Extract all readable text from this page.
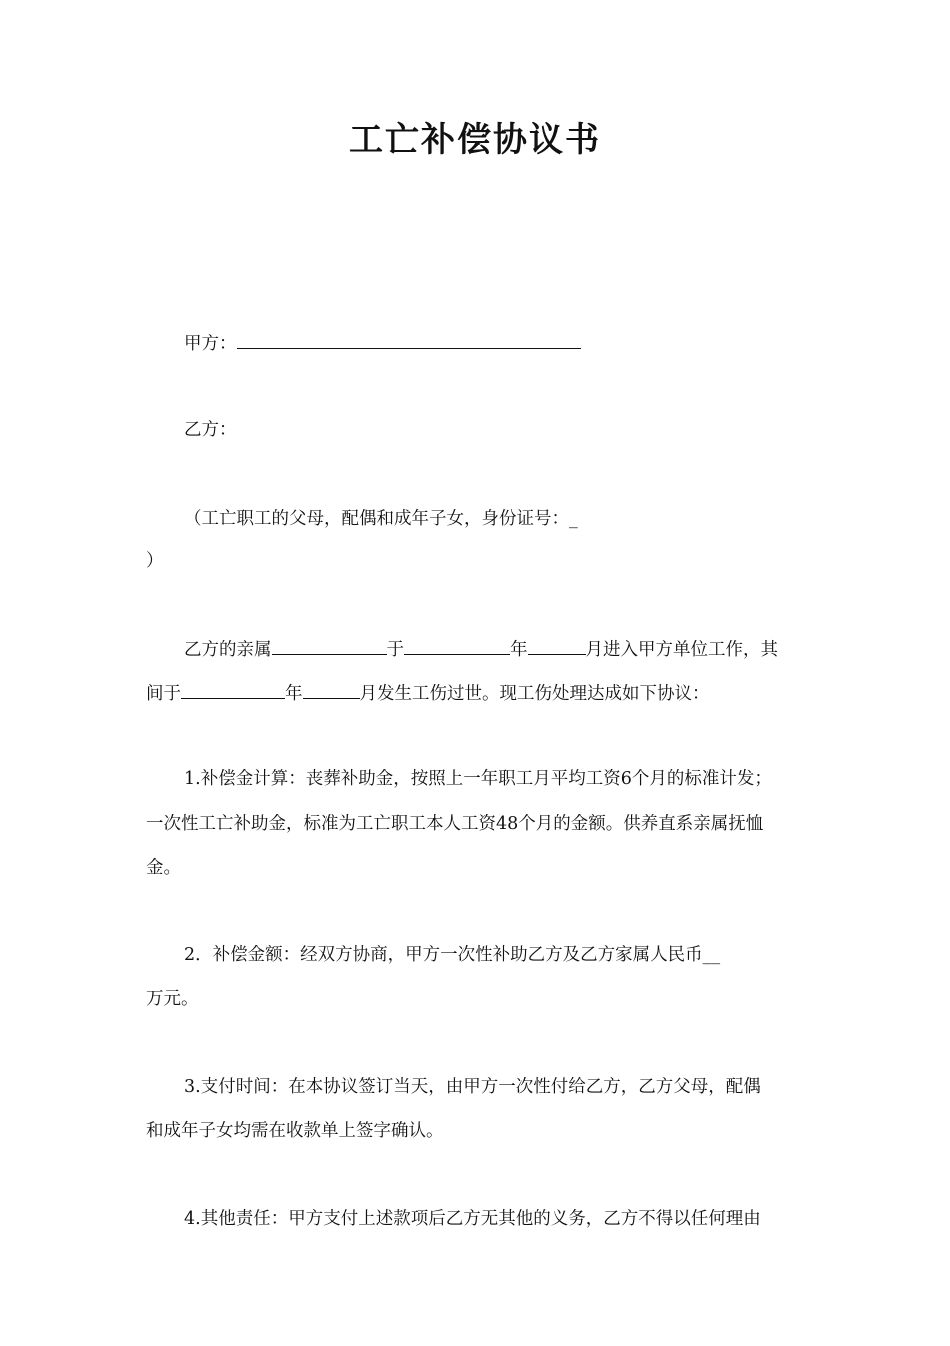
工亡补偿协议书

甲方：

乙方：

（工亡职工的父母，配偶和成年子女，身份证号：_

）

乙方的亲属	于	年	月进入甲方单位工作，其

间于	年	月发生工伤过世。现工伤处理达成如下协议：

1.补偿金计算：丧葬补助金，按照上一年职工月平均工资6个月的标准计发；

一次性工亡补助金，标准为工亡职工本人工资48个月的金额。供养直系亲属抚恤

金。

2．补偿金额：经双方协商，甲方一次性补助乙方及乙方家属人民币__

万元。

3.支付时间：在本协议签订当天，由甲方一次性付给乙方，乙方父母，配偶

和成年子女均需在收款单上签字确认。

4.其他责任：甲方支付上述款项后乙方无其他的义务，乙方不得以任何理由
